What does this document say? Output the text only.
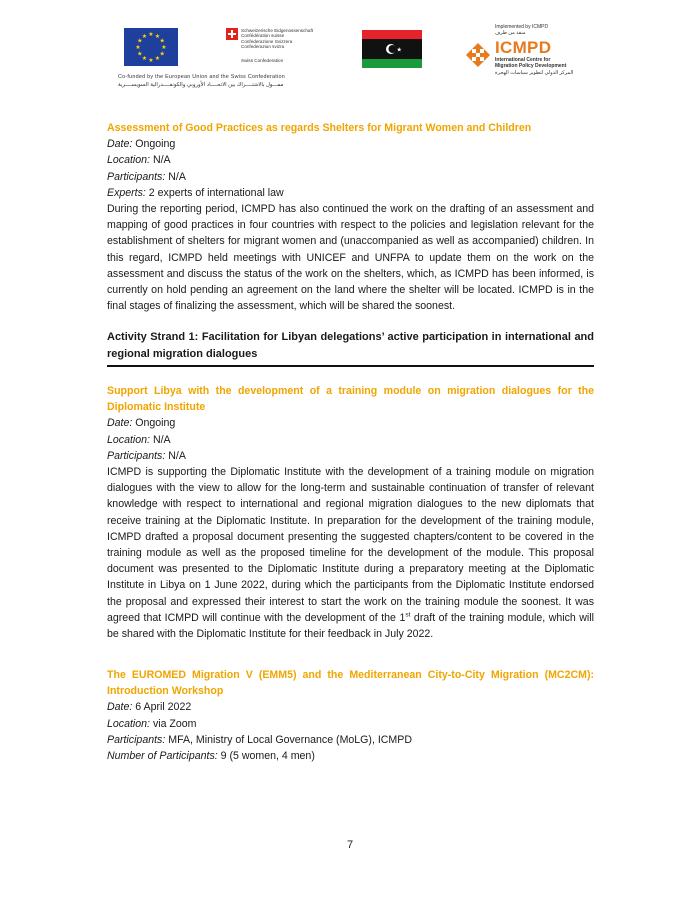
★ ★
★
★
★
★
★
★
★
★
★
★
Schweizerische Eidgenossenschaft
Confédération suisse
Confederazione Svizzera
Confederaziun svizra
Swiss Confederation
★
Implemented by ICMPD
منفذ من طرف
ICMPD
International Centre for
Migration Policy Development
المركز الدولي لتطوير سياسات الهجرة
Co-funded by the European Union and the Swiss Confederation
ممـــول بالاشتــــراك بين الاتحــــاد الأوروبي والكونفــــدرالية السويســــرية

Assessment of Good Practices as regards Shelters for Migrant Women and Children

Date: Ongoing

Location: N/A

Participants: N/A

Experts: 2 experts of international law

During the reporting period, ICMPD has also continued the work on the drafting of an assessment and mapping of good practices in four countries with respect to the policies and legislation relevant for the establishment of shelters for migrant women and (unaccompanied as well as accompanied) children. In this regard, ICMPD held meetings with UNICEF and UNFPA to update them on the work on the assessment and discuss the status of the work on the shelters, which, as ICMPD has been informed, is currently on hold pending an agreement on the land where the shelter will be located. ICMPD is in the final stages of finalizing the assessment, which will be shared the soonest.

Activity Strand 1: Facilitation for Libyan delegations’ active participation in international and regional migration dialogues

Support Libya with the development of a training module on migration dialogues for the Diplomatic Institute

Date: Ongoing

Location: N/A

Participants: N/A

ICMPD is supporting the Diplomatic Institute with the development of a training module on migration dialogues with the view to allow for the long-term and sustainable continuation of transfer of relevant knowledge with respect to international and regional migration dialogues to the new diplomats that receive training at the Diplomatic Institute. In preparation for the development of the training module, ICMPD drafted a proposal document presenting the suggested chapters/content to be covered in the training module as well as the proposed timeline for the development of the module. This proposal document was presented to the Diplomatic Institute during a preparatory meeting at the Diplomatic Institute in Libya on 1 June 2022, during which the participants from the Diplomatic Institute endorsed the proposal and expressed their interest to start the work on the training module the soonest. It was agreed that ICMPD will continue with the development of the 1st draft of the training module, which will be shared with the Diplomatic Institute for their feedback in July 2022.

The EUROMED Migration V (EMM5) and the Mediterranean City-to-City Migration (MC2CM): Introduction Workshop

Date: 6 April 2022

Location: via Zoom

Participants: MFA, Ministry of Local Governance (MoLG), ICMPD

Number of Participants: 9 (5 women, 4 men)

7
